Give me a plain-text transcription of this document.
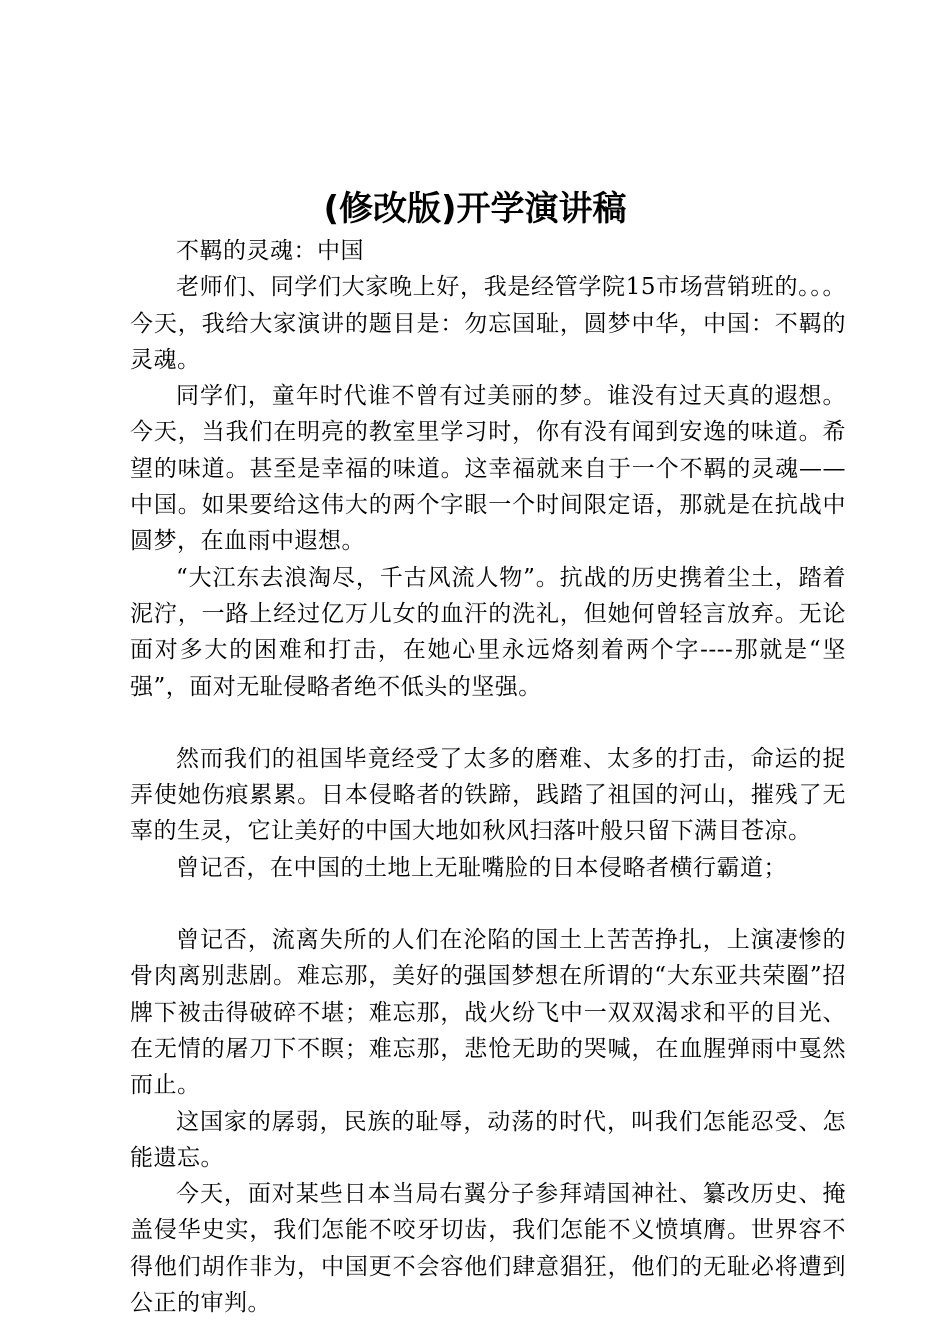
(修改版)开学演讲稿

不羁的灵魂：中国

老师们、同学们大家晚上好，我是经管学院15市场营销班的。。。今天，我给大家演讲的题目是：勿忘国耻，圆梦中华，中国：不羁的灵魂。

同学们，童年时代谁不曾有过美丽的梦。谁没有过天真的遐想。今天，当我们在明亮的教室里学习时，你有没有闻到安逸的味道。希望的味道。甚至是幸福的味道。这幸福就来自于一个不羁的灵魂——中国。如果要给这伟大的两个字眼一个时间限定语，那就是在抗战中圆梦，在血雨中遐想。

“大江东去浪淘尽，千古风流人物”。抗战的历史携着尘土，踏着泥泞，一路上经过亿万儿女的血汗的洗礼，但她何曾轻言放弃。无论面对多大的困难和打击，在她心里永远烙刻着两个字----那就是“坚强”，面对无耻侵略者绝不低头的坚强。

然而我们的祖国毕竟经受了太多的磨难、太多的打击，命运的捉弄使她伤痕累累。日本侵略者的铁蹄，践踏了祖国的河山，摧残了无辜的生灵，它让美好的中国大地如秋风扫落叶般只留下满目苍凉。

曾记否，在中国的土地上无耻嘴脸的日本侵略者横行霸道；

曾记否，流离失所的人们在沦陷的国土上苦苦挣扎，上演凄惨的骨肉离别悲剧。难忘那，美好的强国梦想在所谓的“大东亚共荣圈”招牌下被击得破碎不堪；难忘那，战火纷飞中一双双渴求和平的目光、在无情的屠刀下不瞑；难忘那，悲怆无助的哭喊，在血腥弹雨中戛然而止。

这国家的孱弱，民族的耻辱，动荡的时代，叫我们怎能忍受、怎能遗忘。

今天，面对某些日本当局右翼分子参拜靖国神社、纂改历史、掩盖侵华史实，我们怎能不咬牙切齿，我们怎能不义愤填膺。世界容不得他们胡作非为，中国更不会容他们肆意猖狂，他们的无耻必将遭到公正的审判。
